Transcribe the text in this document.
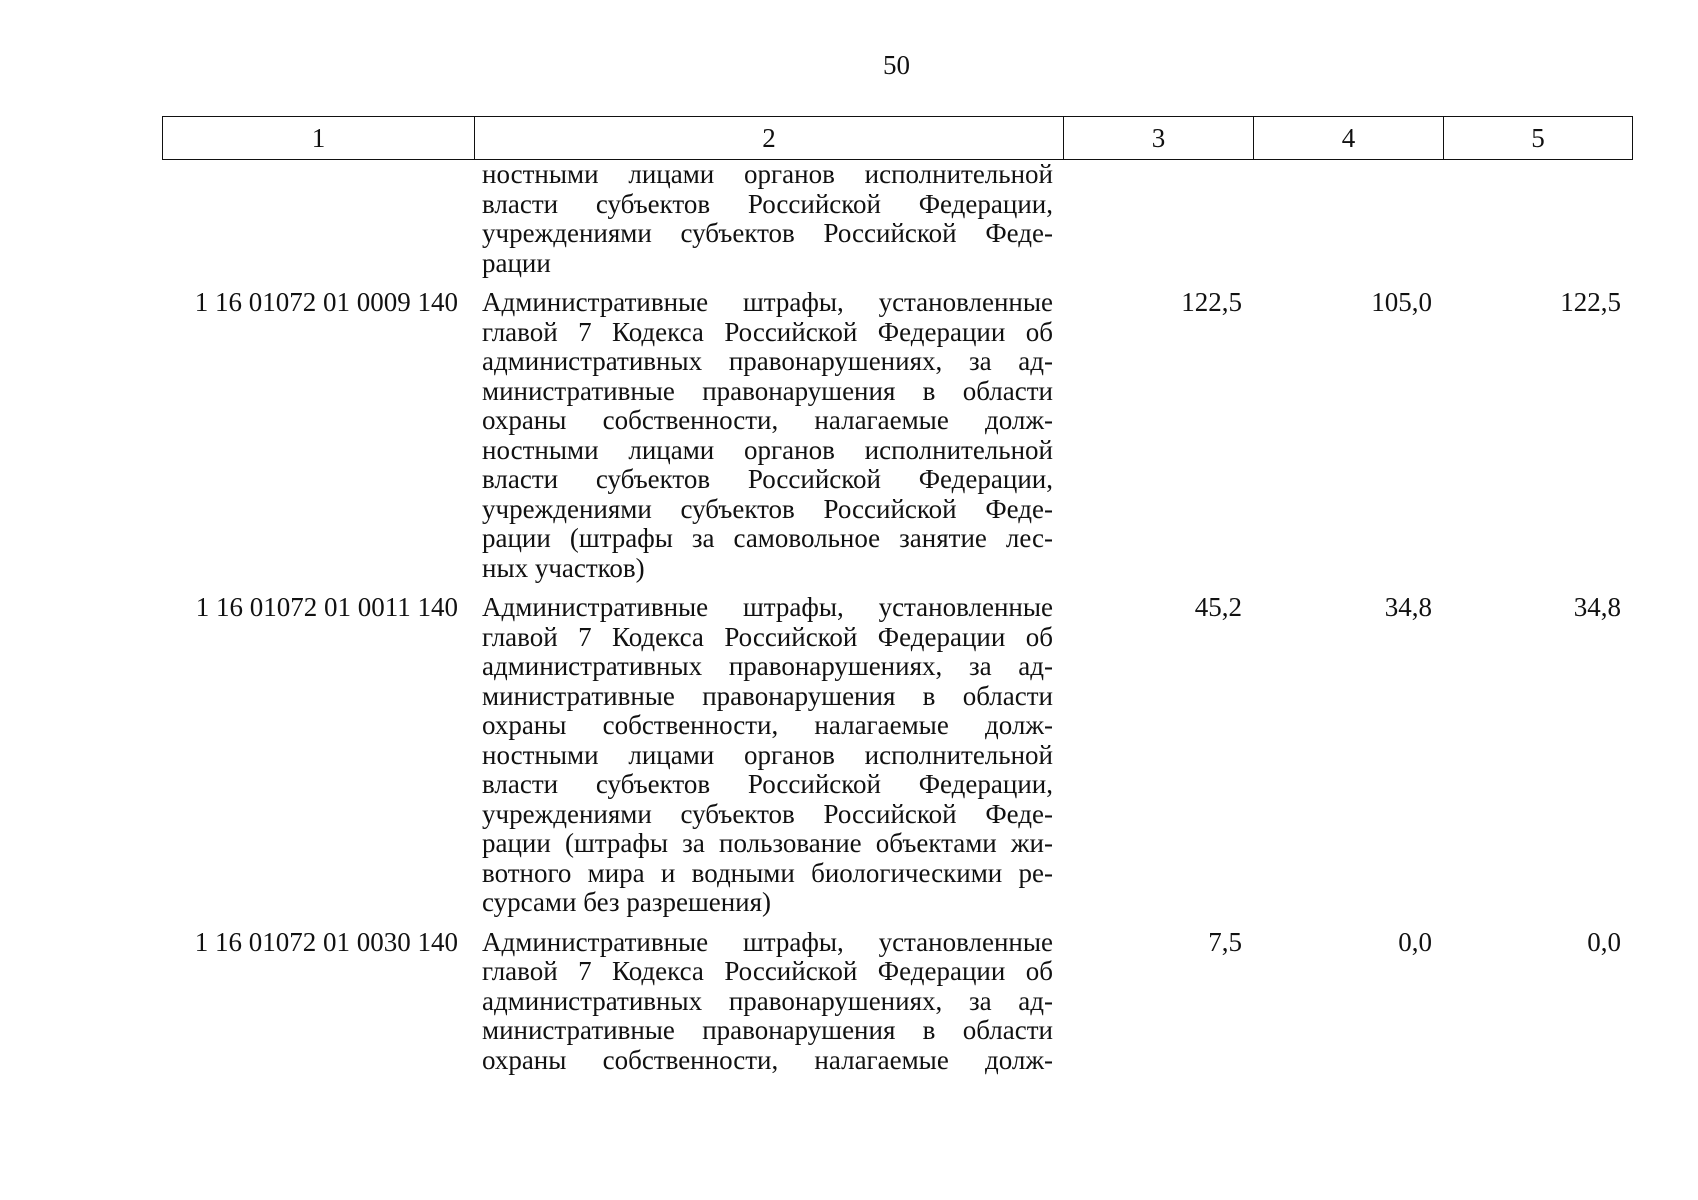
50
1	2	3	4	5
ностными лицами органов исполнительной
власти субъектов Российской Федерации,
учреждениями субъектов Российской Феде-
рации
1 16 01072 01 0009 140 Административные штрафы, установленные
главой 7 Кодекса Российской Федерации об
административных правонарушениях, за ад-
министративные правонарушения в области
охраны собственности, налагаемые долж-
ностными лицами органов исполнительной
власти субъектов Российской Федерации,
учреждениями субъектов Российской Феде-
рации (штрафы за самовольное занятие лес-
ных участков)
122,5	105,0	122,5
1 16 01072 01 0011 140 Административные штрафы, установленные
главой 7 Кодекса Российской Федерации об
административных правонарушениях, за ад-
министративные правонарушения в области
охраны собственности, налагаемые долж-
ностными лицами органов исполнительной
власти субъектов Российской Федерации,
учреждениями субъектов Российской Феде-
рации (штрафы за пользование объектами жи-
вотного мира и водными биологическими ре-
сурсами без разрешения)
45,2	34,8	34,8
1 16 01072 01 0030 140 Административные штрафы, установленные
главой 7 Кодекса Российской Федерации об
административных правонарушениях, за ад-
министративные правонарушения в области
охраны собственности, налагаемые долж-
7,5	0,0	0,0
